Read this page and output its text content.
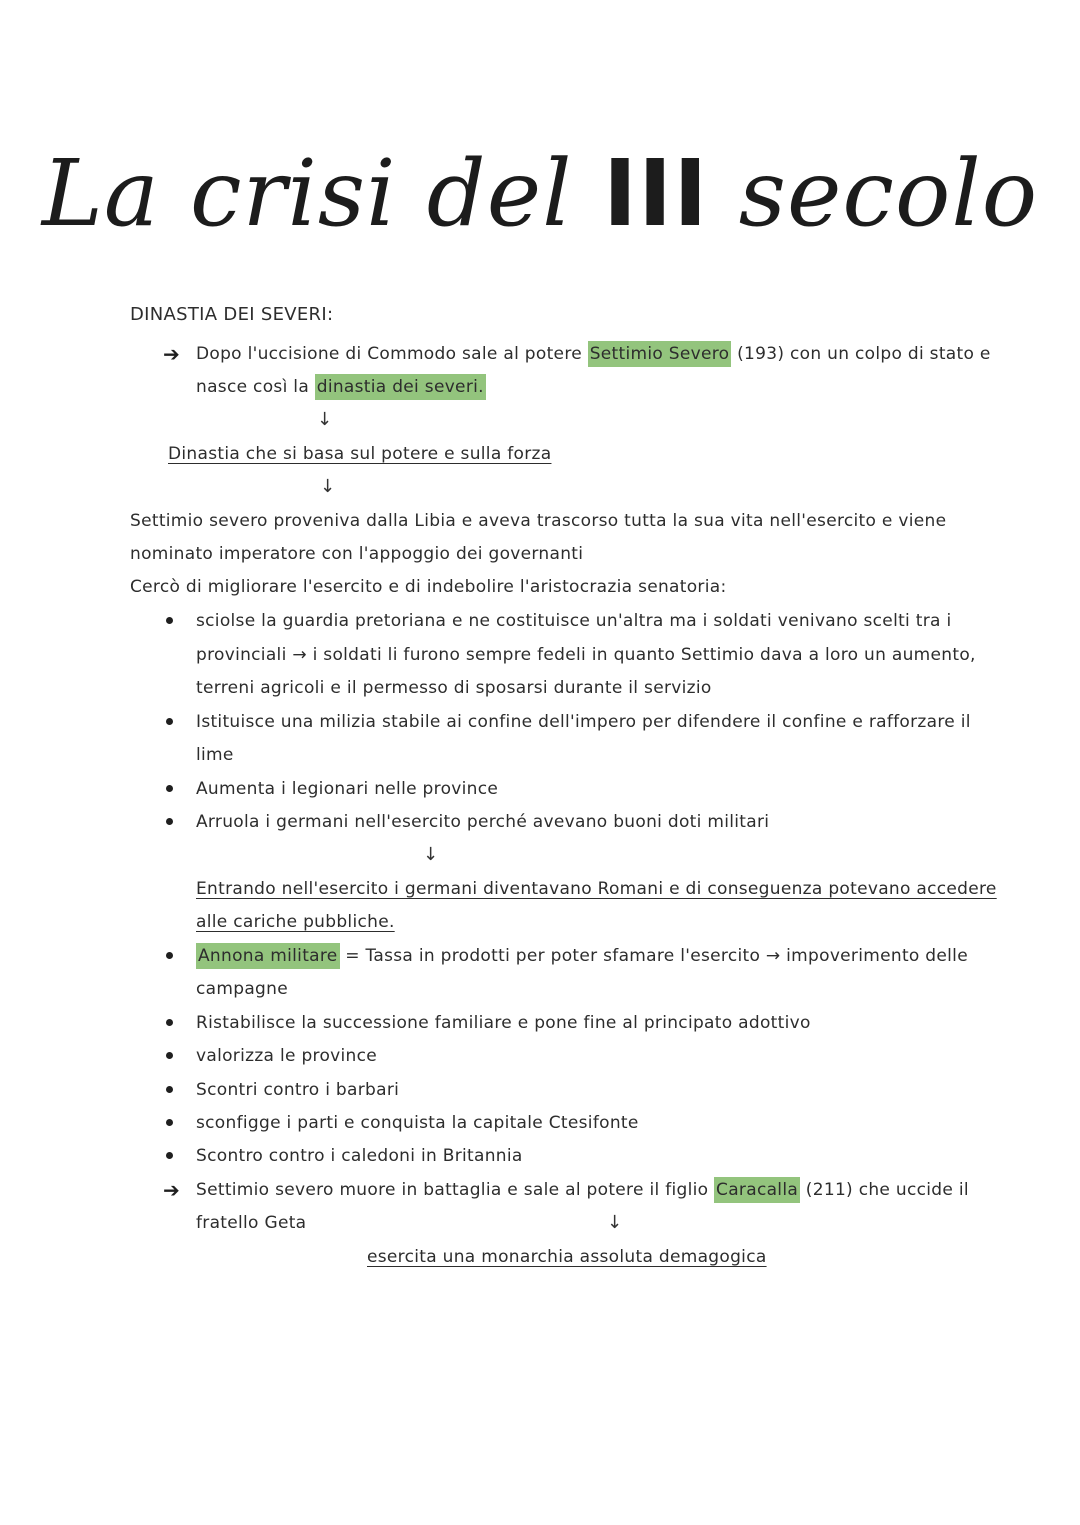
La crisi del III secolo
DINASTIA DEI SEVERI:
➔ Dopo l'uccisione di Commodo sale al potere Settimio Severo (193) con un colpo di stato e
nasce così la dinastia dei severi.
↓
Dinastia che si basa sul potere e sulla forza
↓
Settimio severo proveniva dalla Libia e aveva trascorso tutta la sua vita nell'esercito e viene
nominato imperatore con l'appoggio dei governanti
Cercò di migliorare l'esercito e di indebolire l'aristocrazia senatoria:
sciolse la guardia pretoriana e ne costituisce un'altra ma i soldati venivano scelti tra i
provinciali → i soldati li furono sempre fedeli in quanto Settimio dava a loro un aumento,
terreni agricoli e il permesso di sposarsi durante il servizio
Istituisce una milizia stabile ai confine dell'impero per difendere il confine e rafforzare il
lime
Aumenta i legionari nelle province
Arruola i germani nell'esercito perché avevano buoni doti militari
↓
Entrando nell'esercito i germani diventavano Romani e di conseguenza potevano accedere
alle cariche pubbliche.
Annona militare = Tassa in prodotti per poter sfamare l'esercito → impoverimento delle
campagne
Ristabilisce la successione familiare e pone fine al principato adottivo
valorizza le province
Scontri contro i barbari
sconfigge i parti e conquista la capitale Ctesifonte
Scontro contro i caledoni in Britannia
➔ Settimio severo muore in battaglia e sale al potere il figlio Caracalla (211) che uccide il
fratello Geta	↓
esercita una monarchia assoluta demagogica
